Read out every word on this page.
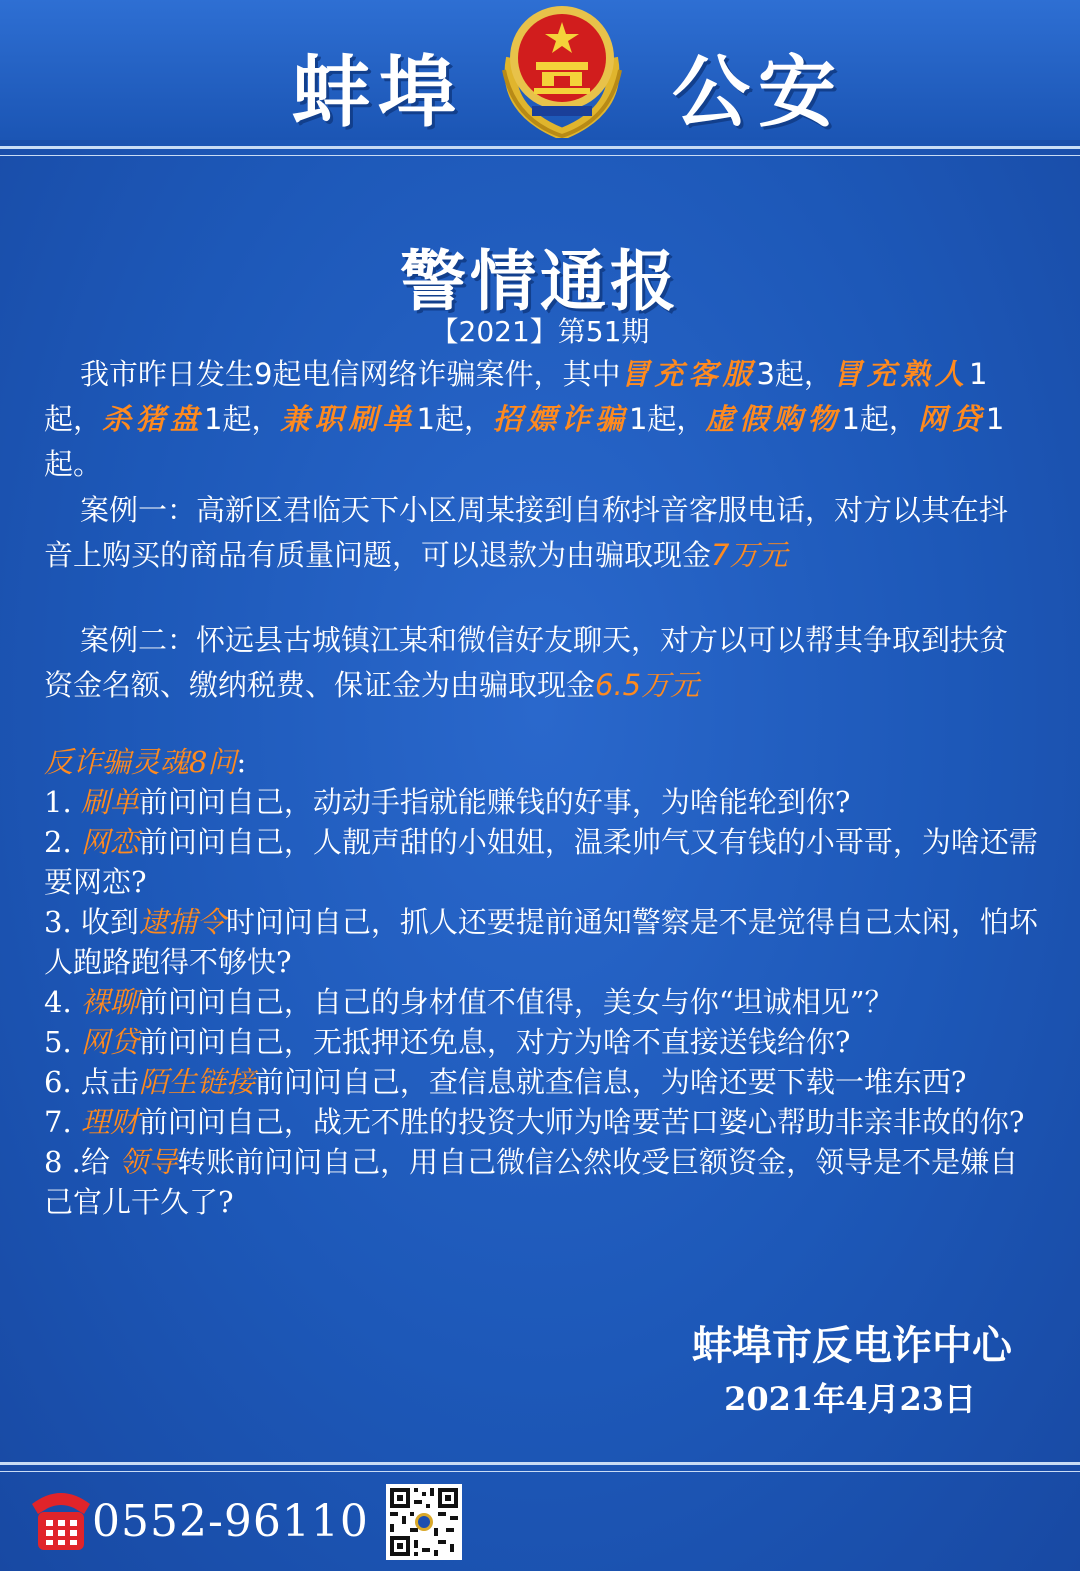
蚌埠	公安
警情通报
【2021】第51期

我市昨日发生9起电信网络诈骗案件，其中冒充客服3起，冒充熟人1起，杀猪盘1起，兼职刷单1起，招嫖诈骗1起，虚假购物1起，网贷1起。

案例一：高新区君临天下小区周某接到自称抖音客服电话，对方以其在抖音上购买的商品有质量问题，可以退款为由骗取现金7万元

案例二：怀远县古城镇江某和微信好友聊天，对方以可以帮其争取到扶贫资金名额、缴纳税费、保证金为由骗取现金6.5万元

反诈骗灵魂8问:
1. 刷单前问问自己，动动手指就能赚钱的好事，为啥能轮到你?
2. 网恋前问问自己，人靓声甜的小姐姐，温柔帅气又有钱的小哥哥，为啥还需要网恋?
3. 收到逮捕令时问问自己，抓人还要提前通知警察是不是觉得自己太闲，怕坏人跑路跑得不够快?
4. 裸聊前问问自己，自己的身材值不值得，美女与你“坦诚相见”？
5. 网贷前问问自己，无抵押还免息，对方为啥不直接送钱给你?
6. 点击陌生链接前问问自己，查信息就查信息，为啥还要下载一堆东西?
7. 理财前问问自己，战无不胜的投资大师为啥要苦口婆心帮助非亲非故的你?
8 .给 领导转账前问问自己，用自己微信公然收受巨额资金，领导是不是嫌自己官儿干久了?
蚌埠市反电诈中心
2021年4月23日
0552-96110
